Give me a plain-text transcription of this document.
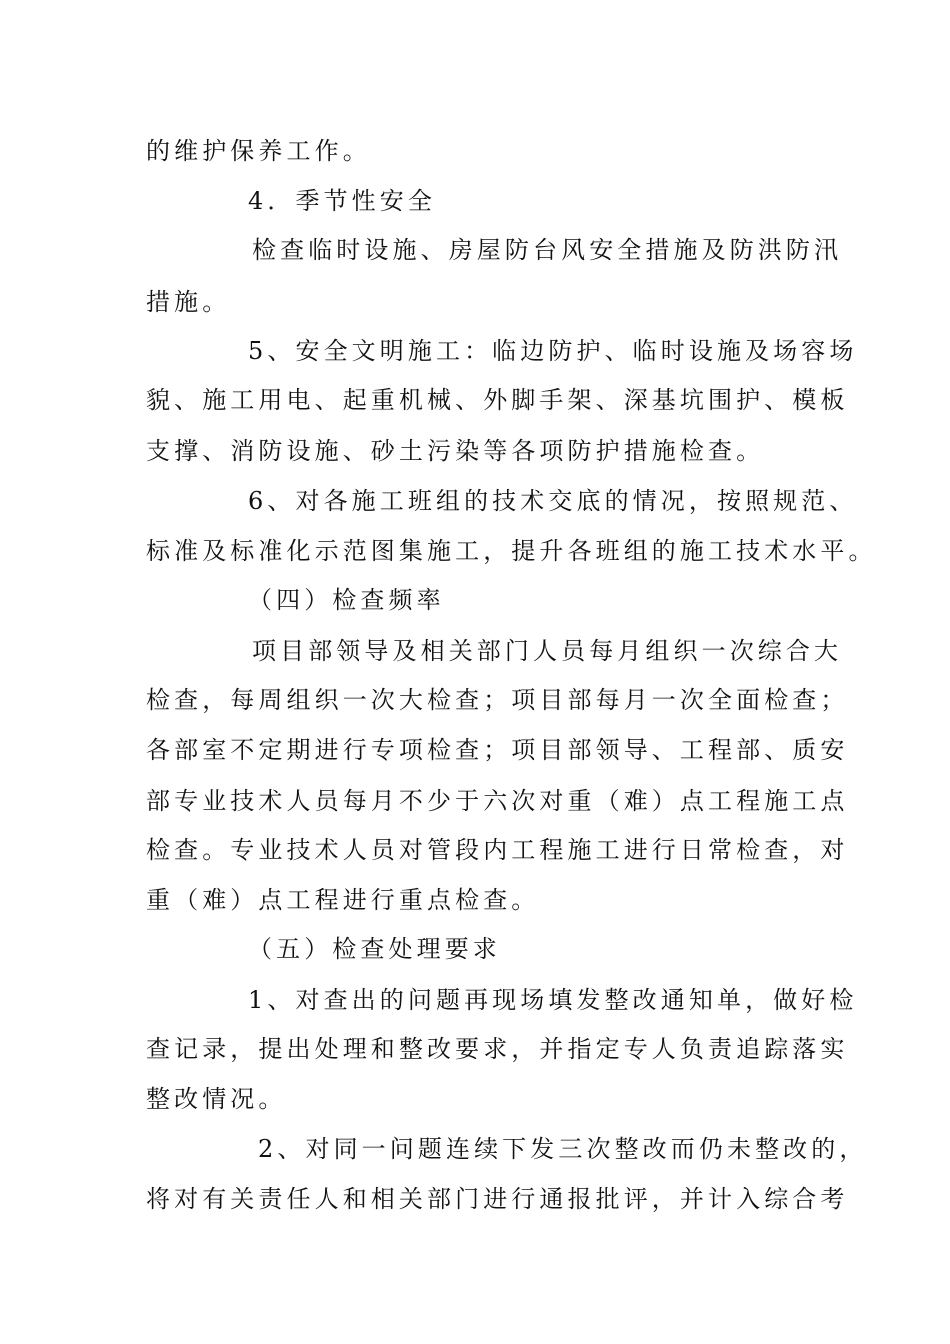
的维护保养工作。
4．季节性安全
检查临时设施、房屋防台风安全措施及防洪防汛
措施。
5、安全文明施工：临边防护、临时设施及场容场
貌、施工用电、起重机械、外脚手架、深基坑围护、模板
支撑、消防设施、砂土污染等各项防护措施检查。
6、对各施工班组的技术交底的情况，按照规范、
标准及标准化示范图集施工，提升各班组的施工技术水平。
（四）检查频率
项目部领导及相关部门人员每月组织一次综合大
检查，每周组织一次大检查；项目部每月一次全面检查；
各部室不定期进行专项检查；项目部领导、工程部、质安
部专业技术人员每月不少于六次对重（难）点工程施工点
检查。专业技术人员对管段内工程施工进行日常检查，对
重（难）点工程进行重点检查。
（五）检查处理要求
1、对查出的问题再现场填发整改通知单，做好检
查记录，提出处理和整改要求，并指定专人负责追踪落实
整改情况。
2、对同一问题连续下发三次整改而仍未整改的，
将对有关责任人和相关部门进行通报批评，并计入综合考
